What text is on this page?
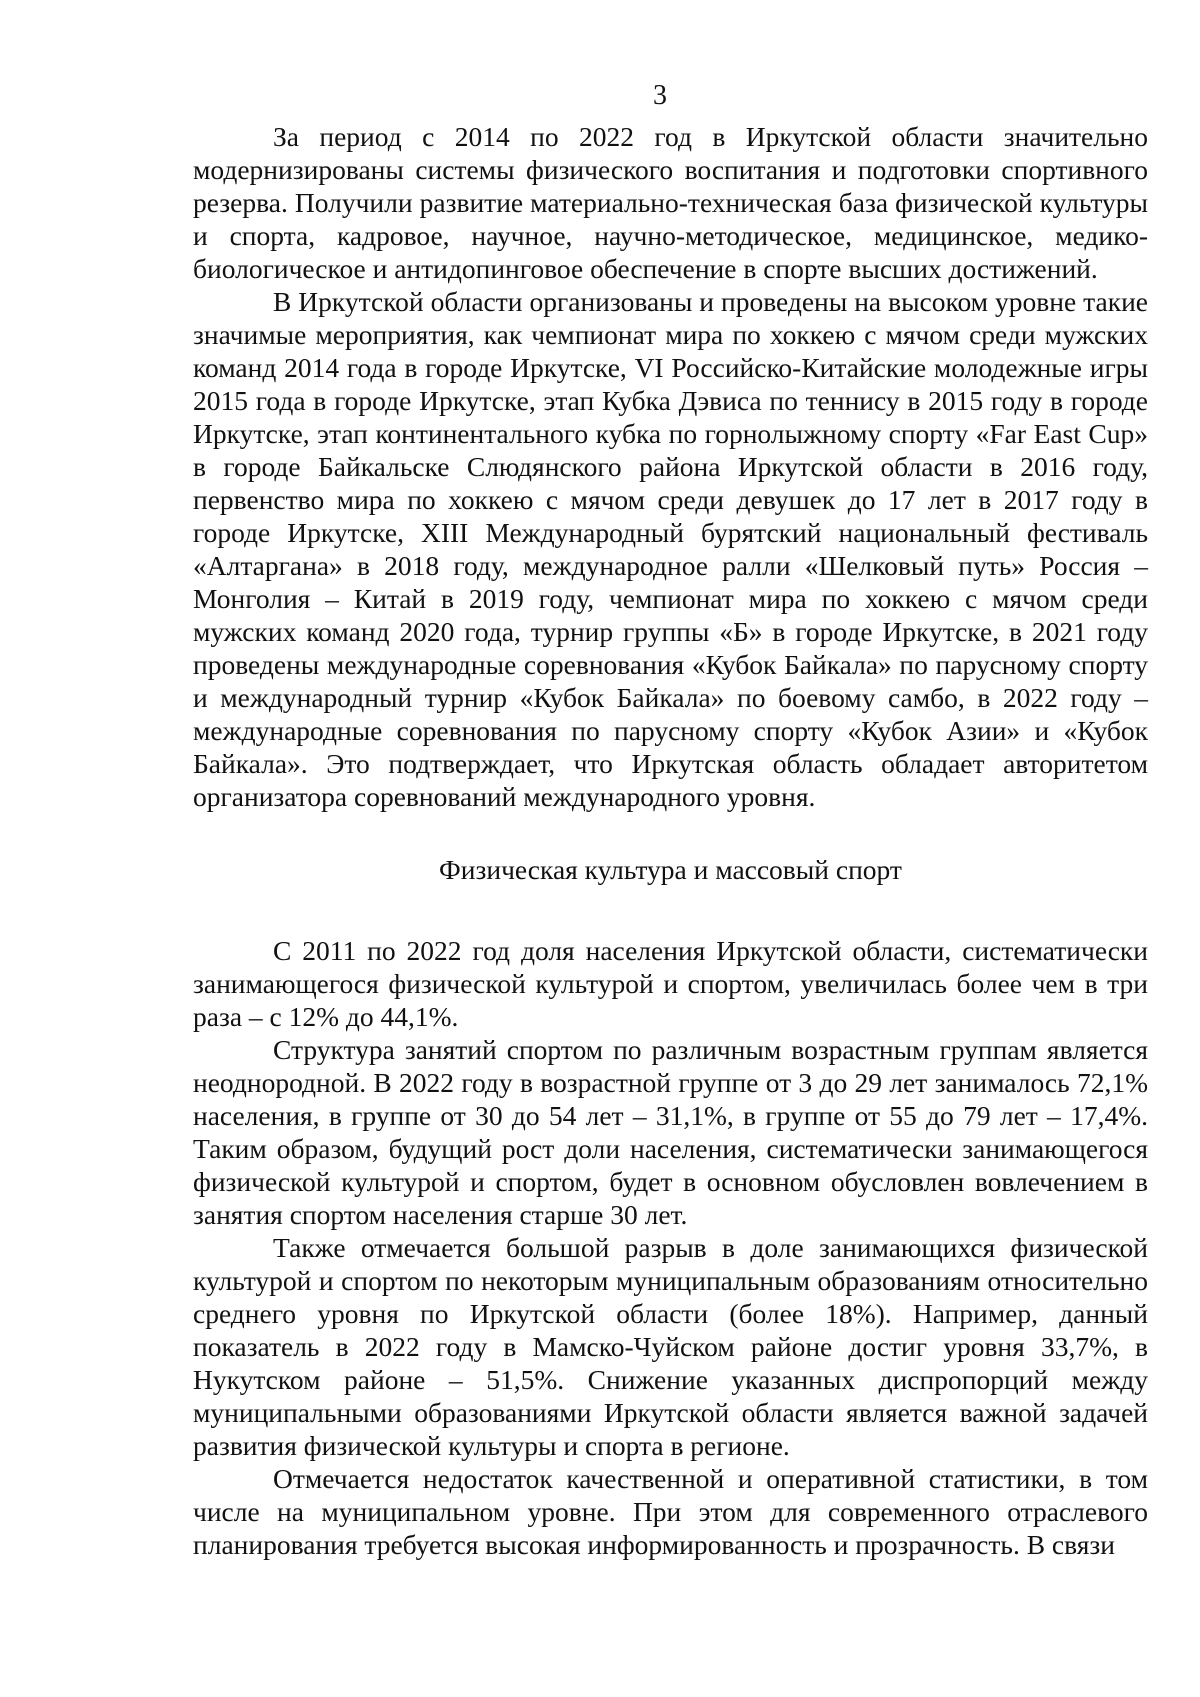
3

За период с 2014 по 2022 год в Иркутской области значительно модернизированы системы физического воспитания и подготовки спортивного резерва. Получили развитие материально-техническая база физической культуры и спорта, кадровое, научное, научно-методическое, медицинское, медико-биологическое и антидопинговое обеспечение в спорте высших достижений.

В Иркутской области организованы и проведены на высоком уровне такие значимые мероприятия, как чемпионат мира по хоккею с мячом среди мужских команд 2014 года в городе Иркутске, VI Российско-Китайские молодежные игры 2015 года в городе Иркутске, этап Кубка Дэвиса по теннису в 2015 году в городе Иркутске, этап континентального кубка по горнолыжному спорту «Far East Cup» в городе Байкальске Слюдянского района Иркутской области в 2016 году, первенство мира по хоккею с мячом среди девушек до 17 лет в 2017 году в городе Иркутске, XIII Международный бурятский национальный фестиваль «Алтаргана» в 2018 году, международное ралли «Шелковый путь» Россия – Монголия – Китай в 2019 году, чемпионат мира по хоккею с мячом среди мужских команд 2020 года, турнир группы «Б» в городе Иркутске, в 2021 году проведены международные соревнования «Кубок Байкала» по парусному спорту и международный турнир «Кубок Байкала» по боевому самбо, в 2022 году – международные соревнования по парусному спорту «Кубок Азии» и «Кубок Байкала». Это подтверждает, что Иркутская область обладает авторитетом организатора соревнований международного уровня.

Физическая культура и массовый спорт

С 2011 по 2022 год доля населения Иркутской области, систематически занимающегося физической культурой и спортом, увеличилась более чем в три раза – с 12% до 44,1%.

Структура занятий спортом по различным возрастным группам является неоднородной. В 2022 году в возрастной группе от 3 до 29 лет занималось 72,1% населения, в группе от 30 до 54 лет – 31,1%, в группе от 55 до 79 лет – 17,4%. Таким образом, будущий рост доли населения, систематически занимающегося физической культурой и спортом, будет в основном обусловлен вовлечением в занятия спортом населения старше 30 лет.

Также отмечается большой разрыв в доле занимающихся физической культурой и спортом по некоторым муниципальным образованиям относительно среднего уровня по Иркутской области (более 18%). Например, данный показатель в 2022 году в Мамско-Чуйском районе достиг уровня 33,7%, в Нукутском районе – 51,5%. Снижение указанных диспропорций между муниципальными образованиями Иркутской области является важной задачей развития физической культуры и спорта в регионе.

Отмечается недостаток качественной и оперативной статистики, в том числе на муниципальном уровне. При этом для современного отраслевого планирования требуется высокая информированность и прозрачность. В связи
